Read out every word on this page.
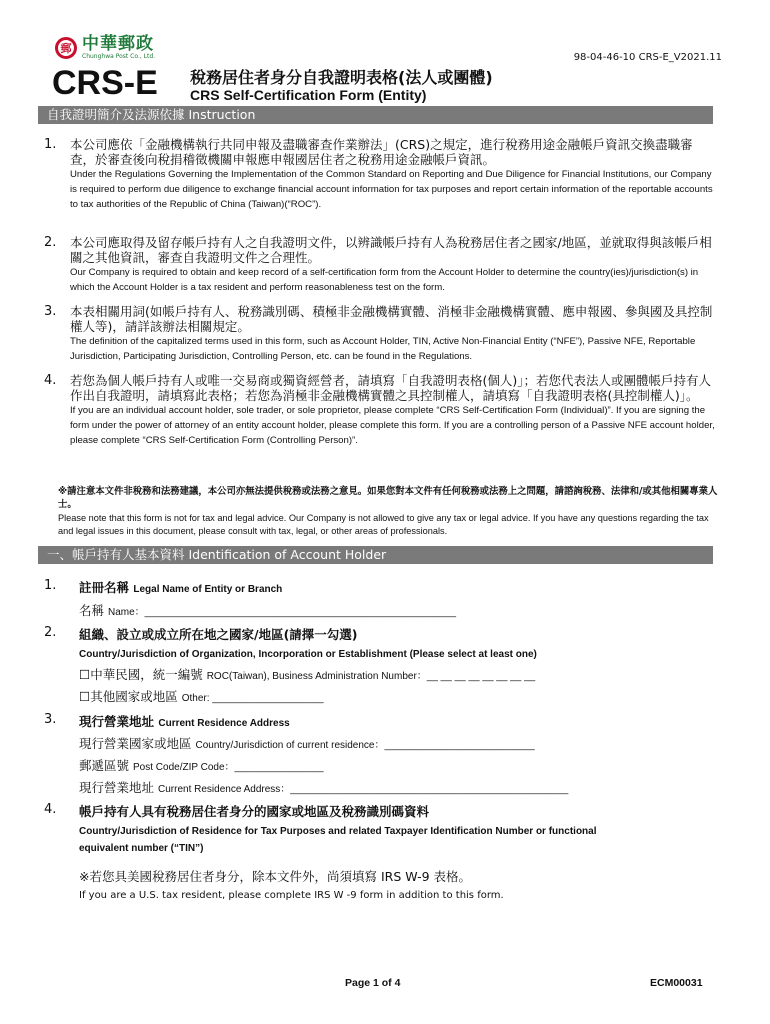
郵 中華郵政
Chunghwa Post Co., Ltd.	98-04-46-10 CRS-E_V2021.11
CRS-E 稅務居住者身分自我證明表格(法人或團體)
CRS Self-Certification Form (Entity)
自我證明簡介及法源依據 Instruction
1. 本公司應依「金融機構執行共同申報及盡職審查作業辦法」(CRS)之規定，進行稅務用途金融帳戶資訊交換盡職審查，於審查後向稅捐稽徵機關申報應申報國居住者之稅務用途金融帳戶資訊。
Under the Regulations Governing the Implementation of the Common Standard on Reporting and Due Diligence for Financial Institutions, our Company is required to perform due diligence to exchange financial account information for tax purposes and report certain information of the reportable accounts to tax authorities of the Republic of China (Taiwan)(“ROC”).
2. 本公司應取得及留存帳戶持有人之自我證明文件，以辨識帳戶持有人為稅務居住者之國家/地區，並就取得與該帳戶相關之其他資訊，審查自我證明文件之合理性。
Our Company is required to obtain and keep record of a self-certification form from the Account Holder to determine the country(ies)/jurisdiction(s) in which the Account Holder is a tax resident and perform reasonableness test on the form.
3. 本表相關用詞(如帳戶持有人、稅務識別碼、積極非金融機構實體、消極非金融機構實體、應申報國、參與國及具控制權人等)，請詳該辦法相關規定。
The definition of the capitalized terms used in this form, such as Account Holder, TIN, Active Non-Financial Entity (“NFE”), Passive NFE, Reportable Jurisdiction, Participating Jurisdiction, Controlling Person, etc. can be found in the Regulations.
4. 若您為個人帳戶持有人或唯一交易商或獨資經營者，請填寫「自我證明表格(個人)」；若您代表法人或團體帳戶持有人作出自我證明，請填寫此表格；若您為消極非金融機構實體之具控制權人，請填寫「自我證明表格(具控制權人)」。
If you are an individual account holder, sole trader, or sole proprietor, please complete “CRS Self-Certification Form (Individual)”. If you are signing the form under the power of attorney of an entity account holder, please complete this form. If you are a controlling person of a Passive NFE account holder, please complete “CRS Self-Certification Form (Controlling Person)”.
※請注意本文件非稅務和法務建議，本公司亦無法提供稅務或法務之意見。如果您對本文件有任何稅務或法務上之問題，請諮詢稅務、法律和/或其他相關專業人士。
Please note that this form is not for tax and legal advice. Our Company is not allowed to give any tax or legal advice. If you have any questions regarding the tax and legal issues in this document, please consult with tax, legal, or other areas of professionals.
一、帳戶持有人基本資料 Identification of Account Holder
1. 註冊名稱 Legal Name of Entity or Branch
名稱 Name：________________________________________________________
2. 組織、設立或成立所在地之國家/地區(請擇一勾選)
Country/Jurisdiction of Organization, Incorporation or Establishment (Please select at least one)
☐中華民國，統一編號 ROC(Taiwan), Business Administration Number：__ __ __ __ __ __ __ __
☐其他國家或地區 Other: ____________________
3. 現行營業地址 Current Residence Address
現行營業國家或地區 Country/Jurisdiction of current residence：___________________________
郵遞區號 Post Code/ZIP Code：________________
現行營業地址 Current Residence Address：__________________________________________________
4. 帳戶持有人具有稅務居住者身分的國家或地區及稅務識別碼資料
Country/Jurisdiction of Residence for Tax Purposes and related Taxpayer Identification Number or functional equivalent number (“TIN”)
※若您具美國稅務居住者身分，除本文件外，尚須填寫 IRS W-9 表格。
If you are a U.S. tax resident, please complete IRS W -9 form in addition to this form.
Page 1 of 4	ECM00031
